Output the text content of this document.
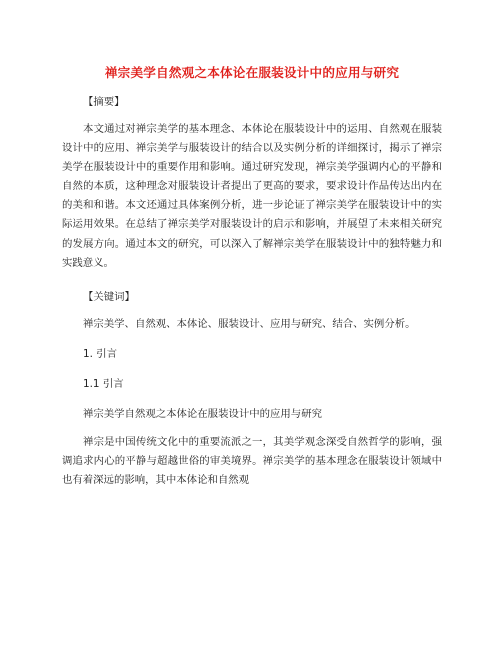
禅宗美学自然观之本体论在服装设计中的应用与研究

【摘要】

本文通过对禅宗美学的基本理念、本体论在服装设计中的运用、自然观在服装设计中的应用、禅宗美学与服装设计的结合以及实例分析的详细探讨，揭示了禅宗美学在服装设计中的重要作用和影响。通过研究发现，禅宗美学强调内心的平静和自然的本质，这种理念对服装设计者提出了更高的要求，要求设计作品传达出内在的美和和谐。本文还通过具体案例分析，进一步论证了禅宗美学在服装设计中的实际运用效果。在总结了禅宗美学对服装设计的启示和影响，并展望了未来相关研究的发展方向。通过本文的研究，可以深入了解禅宗美学在服装设计中的独特魅力和实践意义。

【关键词】

禅宗美学、自然观、本体论、服装设计、应用与研究、结合、实例分析。

1. 引言

1.1 引言

禅宗美学自然观之本体论在服装设计中的应用与研究

禅宗是中国传统文化中的重要流派之一，其美学观念深受自然哲学的影响，强调追求内心的平静与超越世俗的审美境界。禅宗美学的基本理念在服装设计领域中也有着深远的影响，其中本体论和自然观
